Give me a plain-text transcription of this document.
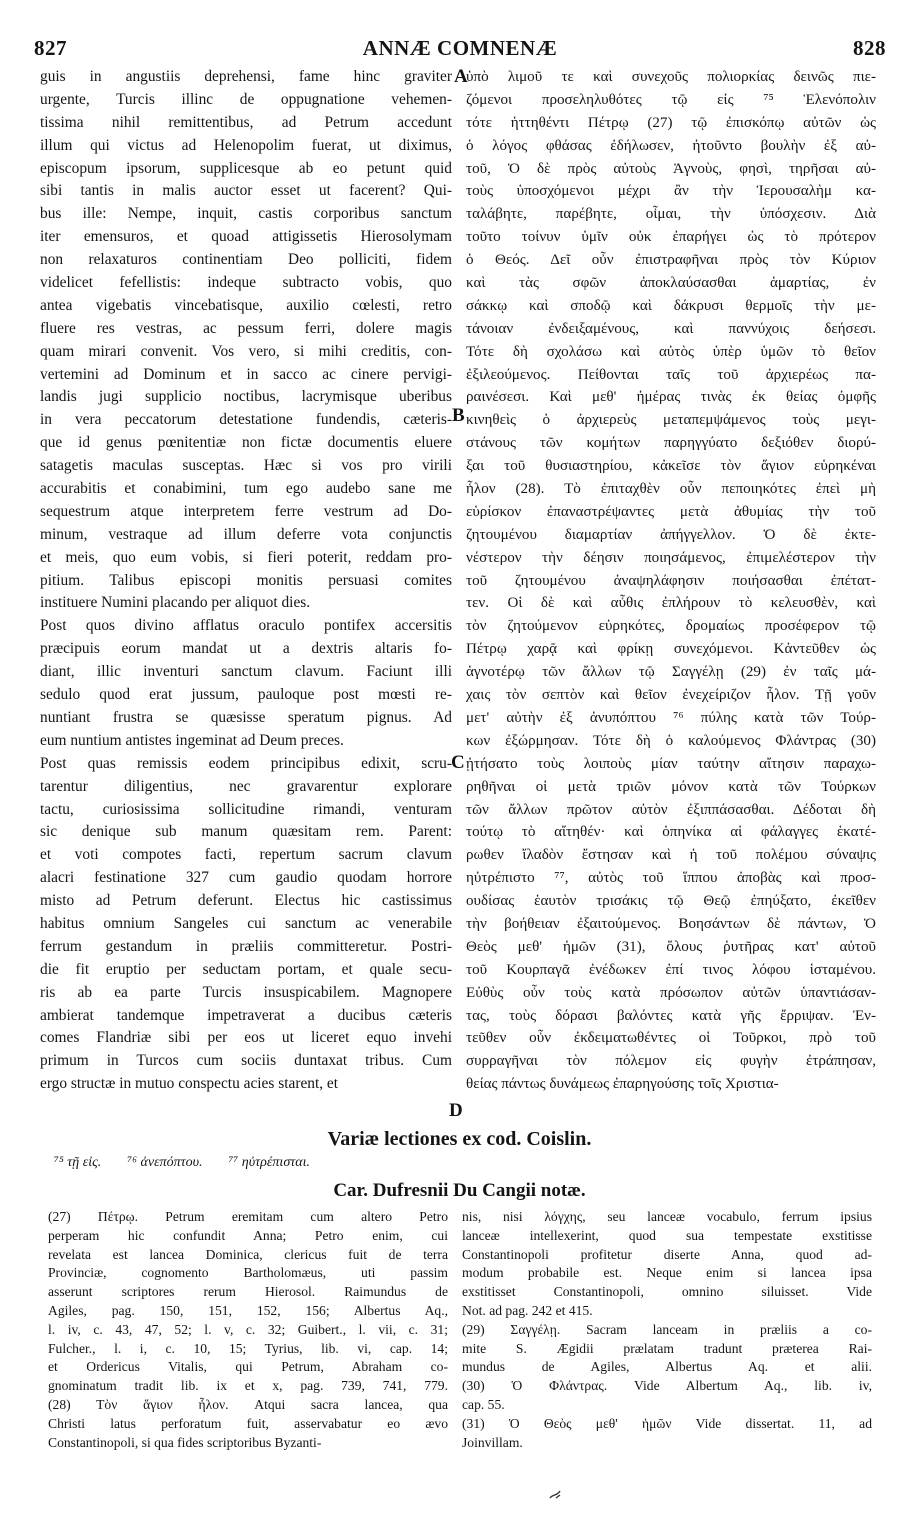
827	ANNÆ COMNENÆ	828
guis in angustiis deprehensi, fame hinc graviter
urgente, Turcis illinc de oppugnatione vehemen-
tissima nihil remittentibus, ad Petrum accedunt
illum qui victus ad Helenopolim fuerat, ut diximus,
episcopum ipsorum, supplicesque ab eo petunt quid
sibi tantis in malis auctor esset ut facerent? Qui-
bus ille: Nempe, inquit, castis corporibus sanctum
iter emensuros, et quoad attigissetis Hierosolymam
non relaxaturos continentiam Deo polliciti, fidem
videlicet fefellistis: indeque subtracto vobis, quo
antea vigebatis vincebatisque, auxilio cœlesti, retro
fluere res vestras, ac pessum ferri, dolere magis
quam mirari convenit. Vos vero, si mihi creditis, con-
vertemini ad Dominum et in sacco ac cinere pervigi-
landis jugi supplicio noctibus, lacrymisque uberibus
in vera peccatorum detestatione fundendis, cæteris-
que id genus pœnitentiæ non fictæ documentis eluere
satagetis maculas susceptas. Hæc si vos pro virili
accurabitis et conabimini, tum ego audebo sane me
sequestrum atque interpretem ferre vestrum ad Do-
minum, vestraque ad illum deferre vota conjunctis
et meis, quo eum vobis, si fieri poterit, reddam pro-
pitium. Talibus episcopi monitis persuasi comites
instituere Numini placando per aliquot dies.
Post quos divino afflatus oraculo pontifex accersitis
præcipuis eorum mandat ut a dextris altaris fo-
diant, illic inventuri sanctum clavum. Faciunt illi
sedulo quod erat jussum, pauloque post mœsti re-
nuntiant frustra se quæsisse speratum pignus. Ad
eum nuntium antistes ingeminat ad Deum preces.
Post quas remissis eodem principibus edixit, scru-
tarentur diligentius, nec gravarentur explorare
tactu, curiosissima sollicitudine rimandi, venturam
sic denique sub manum quæsitam rem. Parent:
et voti compotes facti, repertum sacrum clavum
alacri festinatione 327 cum gaudio quodam horrore
misto ad Petrum deferunt. Electus hic castissimus
habitus omnium Sangeles cui sanctum ac venerabile
ferrum gestandum in præliis committeretur. Postri-
die fit eruptio per seductam portam, et quale secu-
ris ab ea parte Turcis insuspicabilem. Magnopere
ambierat tandemque impetraverat a ducibus cæteris
comes Flandriæ sibi per eos ut liceret equo invehi
primum in Turcos cum sociis duntaxat tribus. Cum
ergo structæ in mutuo conspectu acies starent, et
ὑπὸ λιμοῦ τε καὶ συνεχοῦς πολιορκίας δεινῶς πιε-
ζόμενοι προσεληλυθότες τῷ εἰς ⁷⁵ Ἑλενόπολιν
τότε ἡττηθέντι Πέτρῳ (27) τῷ ἐπισκόπῳ αὐτῶν ὡς
ὁ λόγος φθάσας ἐδήλωσεν, ἠτοῦντο βουλὴν ἐξ αὐ-
τοῦ, Ὁ δὲ πρὸς αὐτοὺς Ἁγνοὺς, φησὶ, τηρῆσαι αὐ-
τοὺς ὑποσχόμενοι μέχρι ἂν τὴν Ἱερουσαλὴμ κα-
ταλάβητε, παρέβητε, οἶμαι, τὴν ὑπόσχεσιν. Διὰ
τοῦτο τοίνυν ὑμῖν οὐκ ἐπαρήγει ὡς τὸ πρότερον
ὁ Θεός. Δεῖ οὖν ἐπιστραφῆναι πρὸς τὸν Κύριον
καὶ τὰς σφῶν ἀποκλαύσασθαι ἁμαρτίας, ἐν
σάκκῳ καὶ σποδῷ καὶ δάκρυσι θερμοῖς τὴν με-
τάνοιαν ἐνδειξαμένους, καὶ παννύχοις δεήσεσι.
Τότε δὴ σχολάσω καὶ αὐτὸς ὑπὲρ ὑμῶν τὸ θεῖον
ἐξιλεούμενος. Πείθονται ταῖς τοῦ ἀρχιερέως πα-
ραινέσεσι. Καὶ μεθ' ἡμέρας τινὰς ἐκ θείας ὀμφῆς
κινηθεὶς ὁ ἀρχιερεὺς μεταπεμψάμενος τοὺς μεγι-
στάνους τῶν κομήτων παρηγγύατο δεξιόθεν διορύ-
ξαι τοῦ θυσιαστηρίου, κἀκεῖσε τὸν ἅγιον εὑρηκέναι
ἧλον (28). Τὸ ἐπιταχθὲν οὖν πεποιηκότες ἐπεὶ μὴ
εὑρίσκον ἐπαναστρέψαντες μετὰ ἀθυμίας τὴν τοῦ
ζητουμένου διαμαρτίαν ἀπήγγελλον. Ὁ δὲ ἐκτε-
νέστερον τὴν δέησιν ποιησάμενος, ἐπιμελέστερον τὴν
τοῦ ζητουμένου ἀναψηλάφησιν ποιήσασθαι ἐπέτατ-
τεν. Οἱ δὲ καὶ αὖθις ἐπλήρουν τὸ κελευσθὲν, καὶ
τὸν ζητούμενον εὑρηκότες, δρομαίως προσέφερον τῷ
Πέτρῳ χαρᾷ καὶ φρίκῃ συνεχόμενοι. Κἀντεῦθεν ὡς
ἁγνοτέρῳ τῶν ἄλλων τῷ Σαγγέλῃ (29) ἐν ταῖς μά-
χαις τὸν σεπτὸν καὶ θεῖον ἐνεχείριζον ἧλον. Τῇ γοῦν
μετ' αὐτὴν ἐξ ἀνυπόπτου ⁷⁶ πύλης κατὰ τῶν Τούρ-
κων ἐξώρμησαν. Τότε δὴ ὁ καλούμενος Φλάντρας (30)
ᾐτήσατο τοὺς λοιποὺς μίαν ταύτην αἴτησιν παραχω-
ρηθῆναι οἱ μετὰ τριῶν μόνον κατὰ τῶν Τούρκων
τῶν ἄλλων πρῶτον αὐτὸν ἐξιππάσασθαι. Δέδοται δὴ
τούτῳ τὸ αἴτηθέν· καὶ ὁπηνίκα αἱ φάλαγγες ἑκατέ-
ρωθεν ἴλαδὸν ἔστησαν καὶ ἡ τοῦ πολέμου σύναψις
ηὐτρέπιστο ⁷⁷, αὐτὸς τοῦ ἵππου ἀποβὰς καὶ προσ-
ουδίσας ἑαυτὸν τρισάκις τῷ Θεῷ ἐπηύξατο, ἐκεῖθεν
τὴν βοήθειαν ἐξαιτούμενος. Βοησάντων δὲ πάντων, Ὁ
Θεὸς μεθ' ἡμῶν (31), ὅλους ῥυτῆρας κατ' αὐτοῦ
τοῦ Κουρπαγᾶ ἐνέδωκεν ἐπί τινος λόφου ἱσταμένου.
Εὐθὺς οὖν τοὺς κατὰ πρόσωπον αὐτῶν ὑπαντιάσαν-
τας, τοὺς δόρασι βαλόντες κατὰ γῆς ἔρριψαν. Ἐν-
τεῦθεν οὖν ἐκδειματωθέντες οἱ Τοῦρκοι, πρὸ τοῦ
συρραγῆναι τὸν πόλεμον εἰς φυγὴν ἐτράπησαν,
θείας πάντως δυνάμεως ἐπαρηγούσης τοῖς Χριστια-
A
B
C
D
Variæ lectiones ex cod. Coislin.
⁷⁵ τῇ εἰς. ⁷⁶ ἀνεπόπτου. ⁷⁷ ηὐτρέπισται.
Car. Dufresnii Du Cangii notæ.
(27) Πέτρῳ. Petrum eremitam cum altero Petro
perperam hic confundit Anna; Petro enim, cui
revelata est lancea Dominica, clericus fuit de terra
Provinciæ, cognomento Bartholomæus, uti passim
asserunt scriptores rerum Hierosol. Raimundus de
Agiles, pag. 150, 151, 152, 156; Albertus Aq.,
l. iv, c. 43, 47, 52; l. v, c. 32; Guibert., l. vii, c. 31;
Fulcher., l. i, c. 10, 15; Tyrius, lib. vi, cap. 14;
et Ordericus Vitalis, qui Petrum, Abraham co-
gnominatum tradit lib. ix et x, pag. 739, 741, 779.
(28) Τὸν ἅγιον ἧλον. Atqui sacra lancea, qua
Christi latus perforatum fuit, asservabatur eo ævo
Constantinopoli, si qua fides scriptoribus Byzanti-
nis, nisi λόγχης, seu lanceæ vocabulo, ferrum ipsius
lanceæ intellexerint, quod sua tempestate exstitisse
Constantinopoli profitetur diserte Anna, quod ad-
modum probabile est. Neque enim si lancea ipsa
exstitisset Constantinopoli, omnino siluisset. Vide
Not. ad pag. 242 et 415.
(29) Σαγγέλῃ. Sacram lanceam in præliis a co-
mite S. Ægidii prælatam tradunt præterea Rai-
mundus de Agiles, Albertus Aq. et alii.
(30) Ὁ Φλάντρας. Vide Albertum Aq., lib. iv,
cap. 55.
(31) Ὁ Θεὸς μεθ' ἡμῶν Vide dissertat. 11, ad
Joinvillam.
